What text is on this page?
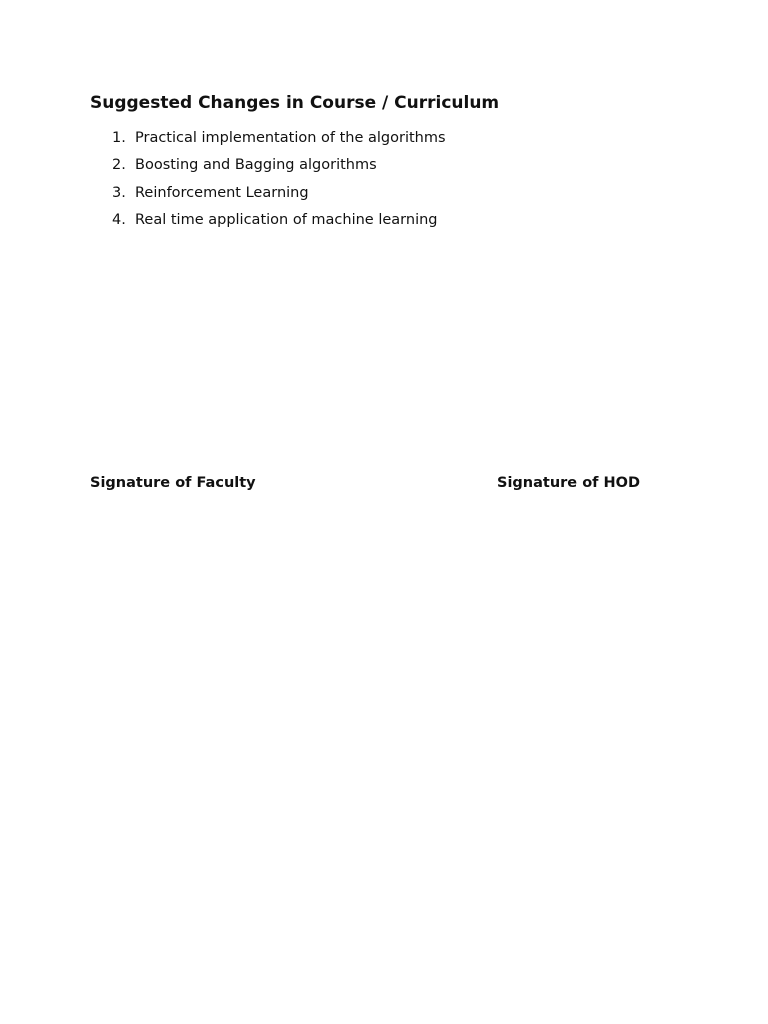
Suggested Changes in Course / Curriculum
1. Practical implementation of the algorithms
2. Boosting and Bagging algorithms
3. Reinforcement Learning
4. Real time application of machine learning

Signature of Faculty	Signature of HOD
